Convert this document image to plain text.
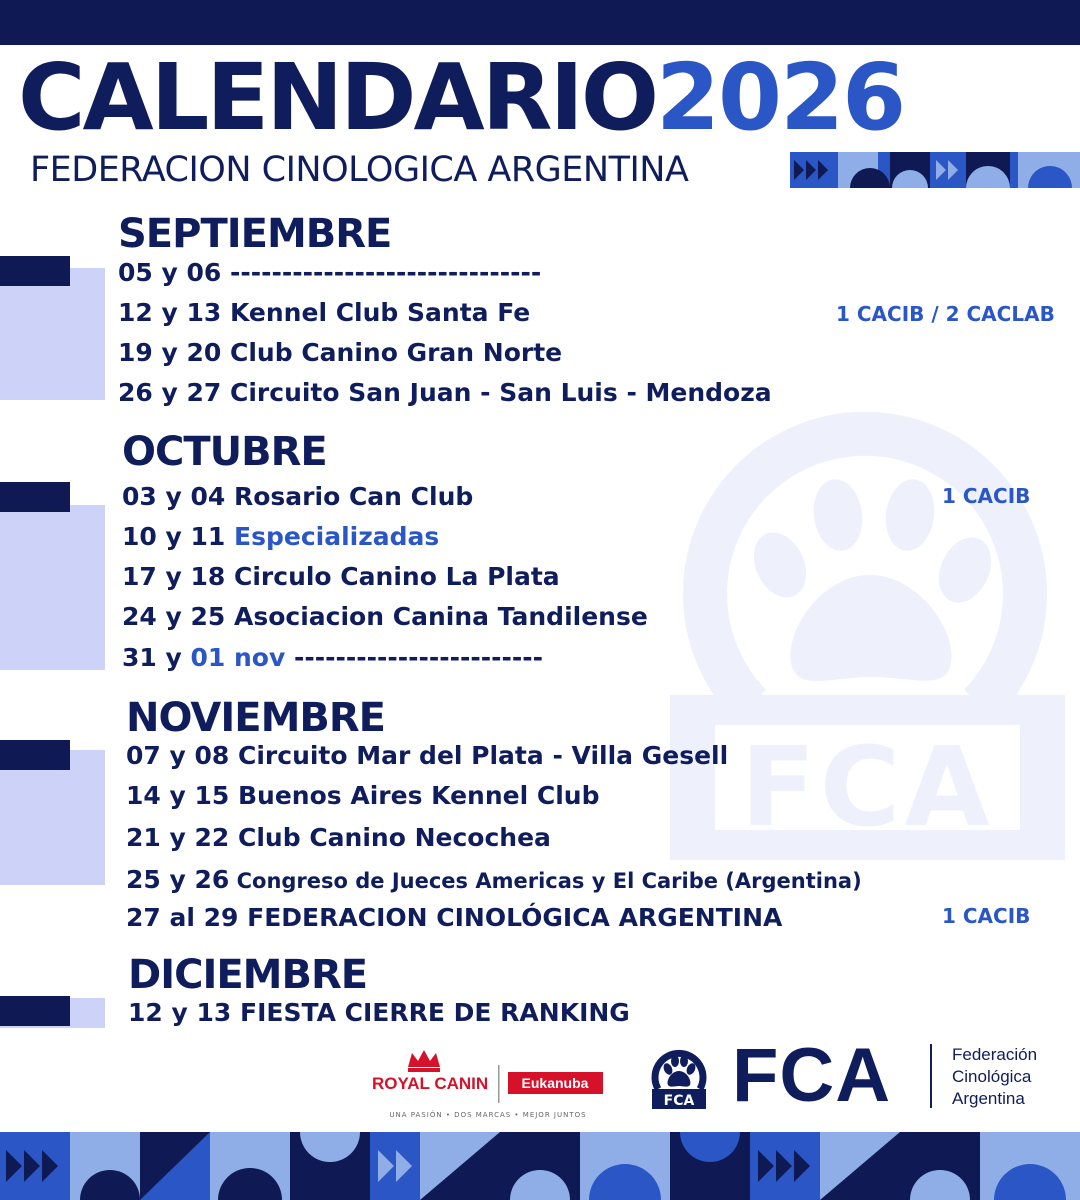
CALENDARIO2026
FEDERACION CINOLOGICA ARGENTINA
FCA
SEPTIEMBRE
05 y 06 ------------------------------
12 y 13 Kennel Club Santa Fe	1 CACIB / 2 CACLAB
19 y 20 Club Canino Gran Norte
26 y 27 Circuito San Juan - San Luis - Mendoza
OCTUBRE
03 y 04 Rosario Can Club	1 CACIB
10 y 11 Especializadas
17 y 18 Circulo Canino La Plata
24 y 25 Asociacion Canina Tandilense
31 y 01 nov ------------------------
NOVIEMBRE
07 y 08 Circuito Mar del Plata - Villa Gesell
14 y 15 Buenos Aires Kennel Club
21 y 22 Club Canino Necochea
25 y 26 Congreso de Jueces Americas y El Caribe (Argentina)
27 al 29 FEDERACION CINOLÓGICA ARGENTINA	1 CACIB
DICIEMBRE
12 y 13 FIESTA CIERRE DE RANKING
ROYAL CANIN Eukanuba
UNA PASIÓN • DOS MARCAS • MEJOR JUNTOS
FCA FCA	Federación
Cinológica
Argentina
